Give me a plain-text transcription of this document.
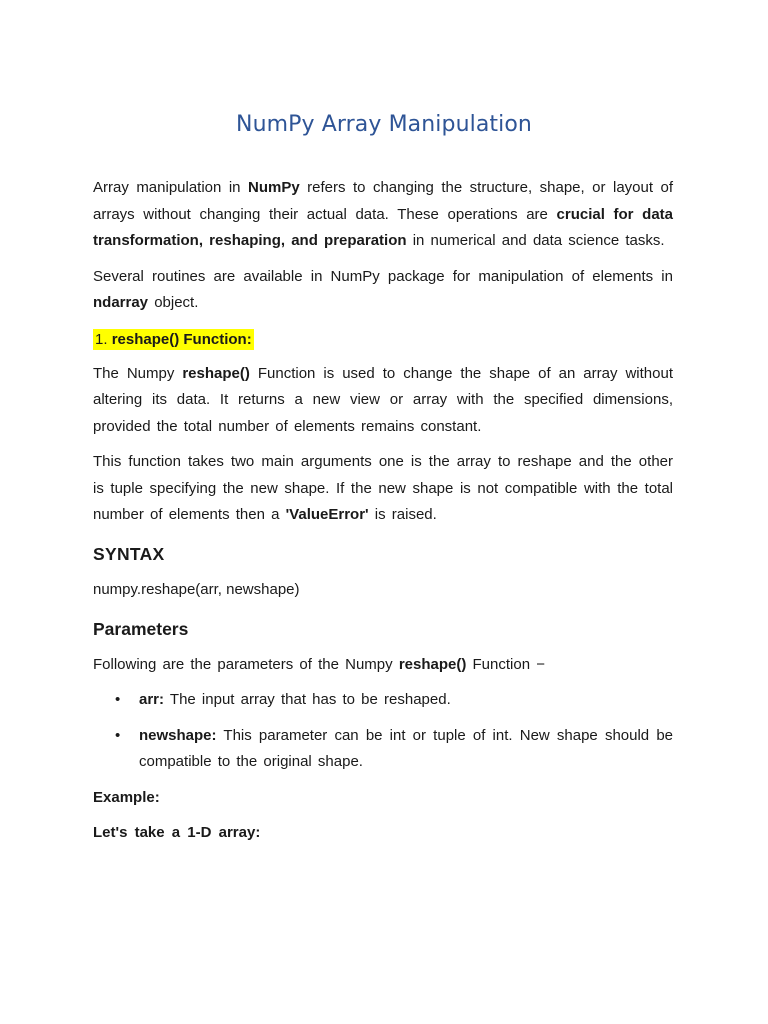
NumPy Array Manipulation

Array manipulation in NumPy refers to changing the structure, shape, or layout of arrays without changing their actual data. These operations are crucial for data transformation, reshaping, and preparation in numerical and data science tasks.

Several routines are available in NumPy package for manipulation of elements in ndarray object.

1. reshape() Function:

The Numpy reshape() Function is used to change the shape of an array without altering its data. It returns a new view or array with the specified dimensions, provided the total number of elements remains constant.

This function takes two main arguments one is the array to reshape and the other is tuple specifying the new shape. If the new shape is not compatible with the total number of elements then a 'ValueError' is raised.

SYNTAX
numpy.reshape(arr, newshape)
Parameters

Following are the parameters of the Numpy reshape() Function −

• arr: The input array that has to be reshaped.
• newshape: This parameter can be int or tuple of int. New shape should be compatible to the original shape.
Example:
Let's take a 1-D array:
